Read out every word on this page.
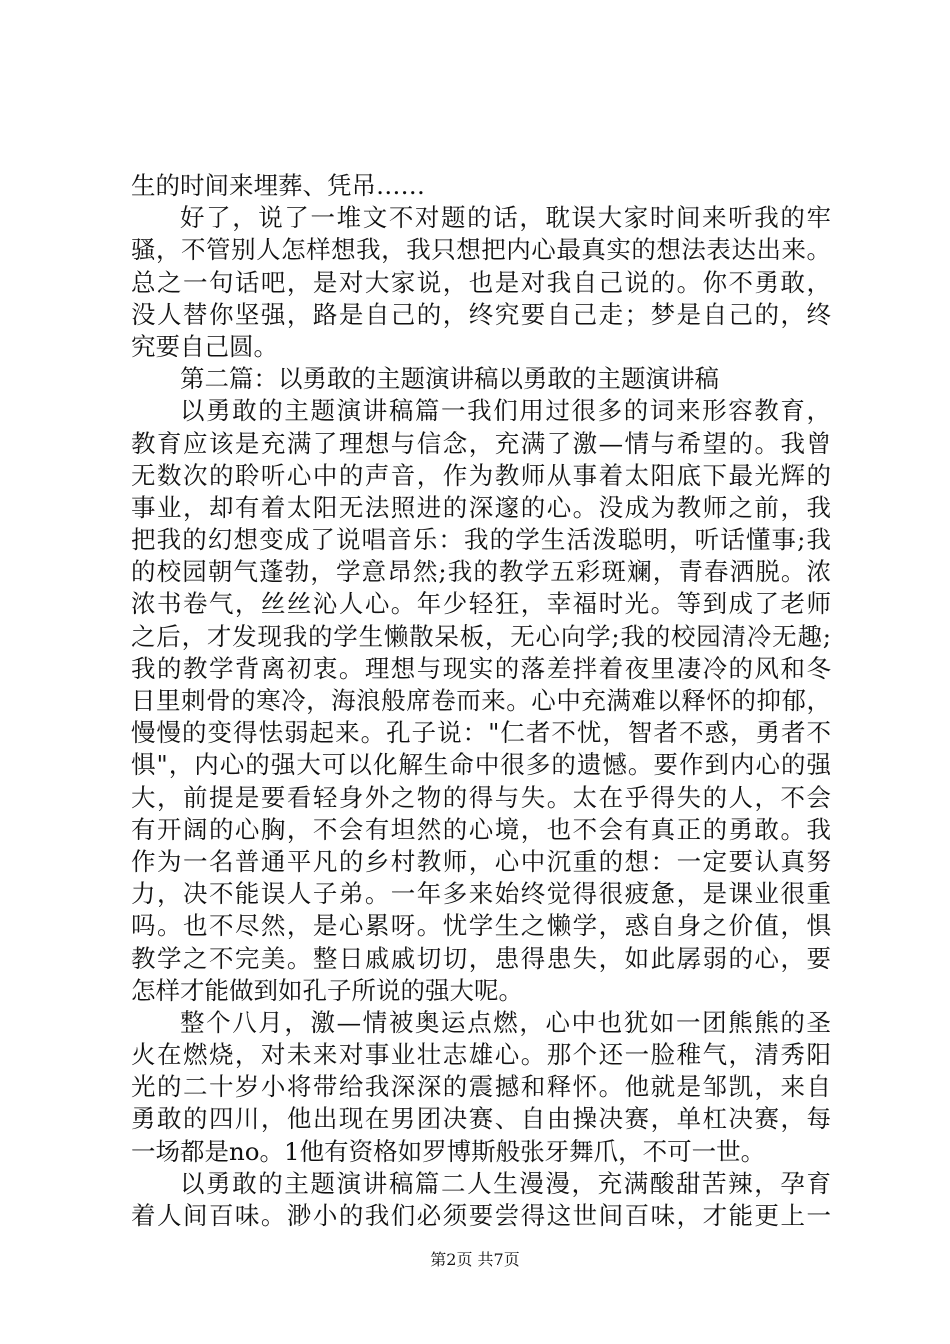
生的时间来埋葬、凭吊……
好了，说了一堆文不对题的话，耽误大家时间来听我的牢
骚，不管别人怎样想我，我只想把内心最真实的想法表达出来。
总之一句话吧，是对大家说，也是对我自己说的。你不勇敢，
没人替你坚强，路是自己的，终究要自己走；梦是自己的，终
究要自己圆。
第二篇：以勇敢的主题演讲稿以勇敢的主题演讲稿
以勇敢的主题演讲稿篇一我们用过很多的词来形容教育，
教育应该是充满了理想与信念，充满了激—情与希望的。我曾
无数次的聆听心中的声音，作为教师从事着太阳底下最光辉的
事业，却有着太阳无法照进的深邃的心。没成为教师之前，我
把我的幻想变成了说唱音乐：我的学生活泼聪明，听话懂事;我
的校园朝气蓬勃，学意昂然;我的教学五彩斑斓，青春洒脱。浓
浓书卷气，丝丝沁人心。年少轻狂，幸福时光。等到成了老师
之后，才发现我的学生懒散呆板，无心向学;我的校园清冷无趣;
我的教学背离初衷。理想与现实的落差拌着夜里凄冷的风和冬
日里刺骨的寒冷，海浪般席卷而来。心中充满难以释怀的抑郁，
慢慢的变得怯弱起来。孔子说："仁者不忧，智者不惑，勇者不
惧"，内心的强大可以化解生命中很多的遗憾。要作到内心的强
大，前提是要看轻身外之物的得与失。太在乎得失的人，不会
有开阔的心胸，不会有坦然的心境，也不会有真正的勇敢。我
作为一名普通平凡的乡村教师，心中沉重的想：一定要认真努
力，决不能误人子弟。一年多来始终觉得很疲惫，是课业很重
吗。也不尽然，是心累呀。忧学生之懒学，惑自身之价值，惧
教学之不完美。整日戚戚切切，患得患失，如此孱弱的心，要
怎样才能做到如孔子所说的强大呢。
整个八月，激—情被奥运点燃，心中也犹如一团熊熊的圣
火在燃烧，对未来对事业壮志雄心。那个还一脸稚气，清秀阳
光的二十岁小将带给我深深的震撼和释怀。他就是邹凯，来自
勇敢的四川，他出现在男团决赛、自由操决赛，单杠决赛，每
一场都是no。1他有资格如罗博斯般张牙舞爪，不可一世。
以勇敢的主题演讲稿篇二人生漫漫，充满酸甜苦辣，孕育
着人间百味。渺小的我们必须要尝得这世间百味，才能更上一
第2页 共7页
